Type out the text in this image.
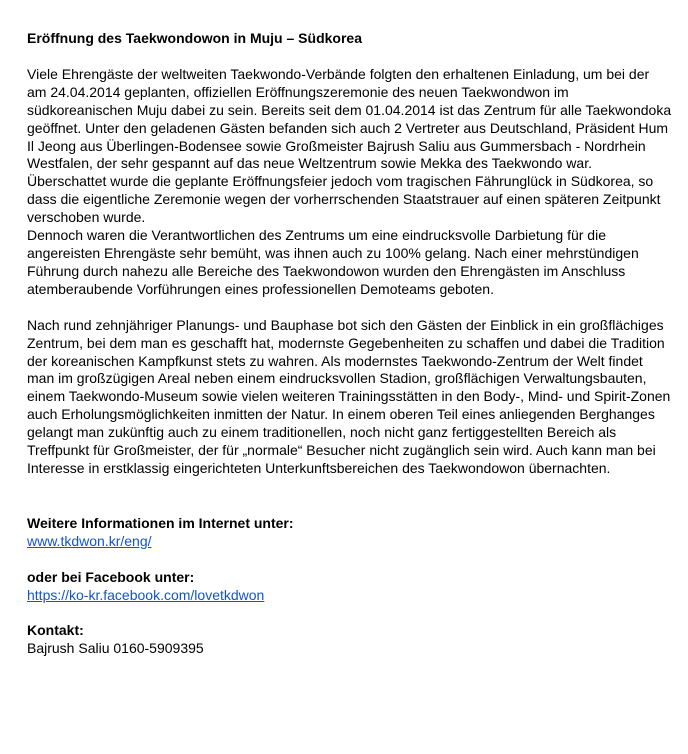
Eröffnung des Taekwondowon in Muju – Südkorea
Viele Ehrengäste der weltweiten Taekwondo-Verbände folgten den erhaltenen Einladung, um bei der am 24.04.2014 geplanten, offiziellen Eröffnungszeremonie des neuen Taekwondwon im südkoreanischen Muju dabei zu sein. Bereits seit dem 01.04.2014 ist das Zentrum für alle Taekwondoka geöffnet. Unter den geladenen Gästen befanden sich auch 2 Vertreter aus Deutschland, Präsident Hum Il Jeong aus Überlingen-Bodensee sowie Großmeister Bajrush Saliu aus Gummersbach - Nordrhein Westfalen, der sehr gespannt auf das neue Weltzentrum sowie Mekka des Taekwondo war.
Überschattet wurde die geplante Eröffnungsfeier jedoch vom tragischen Fährunglück in Südkorea, so dass die eigentliche Zeremonie wegen der vorherrschenden Staatstrauer auf einen späteren Zeitpunkt verschoben wurde.
Dennoch waren die Verantwortlichen des Zentrums um eine eindrucksvolle Darbietung für die angereisten Ehrengäste sehr bemüht, was ihnen auch zu 100% gelang. Nach einer mehrstündigen Führung durch nahezu alle Bereiche des Taekwondowon wurden den Ehrengästen im Anschluss atemberaubende Vorführungen eines professionellen Demoteams geboten.
Nach rund zehnjähriger Planungs- und Bauphase bot sich den Gästen der Einblick in ein großflächiges Zentrum, bei dem man es geschafft hat, modernste Gegebenheiten zu schaffen und dabei die Tradition der koreanischen Kampfkunst stets zu wahren. Als modernstes Taekwondo-Zentrum der Welt findet man im großzügigen Areal neben einem eindrucksvollen Stadion, großflächigen Verwaltungsbauten, einem Taekwondo-Museum sowie vielen weiteren Trainingsstätten in den Body-, Mind- und Spirit-Zonen auch Erholungsmöglichkeiten inmitten der Natur. In einem oberen Teil eines anliegenden Berghanges gelangt man zukünftig auch zu einem traditionellen, noch nicht ganz fertiggestellten Bereich als Treffpunkt für Großmeister, der für „normale“ Besucher nicht zugänglich sein wird. Auch kann man bei Interesse in erstklassig eingerichteten Unterkunftsbereichen des Taekwondowon übernachten.
Weitere Informationen im Internet unter:
www.tkdwon.kr/eng/
oder bei Facebook unter:
https://ko-kr.facebook.com/lovetkdwon
Kontakt:
Bajrush Saliu 0160-5909395
